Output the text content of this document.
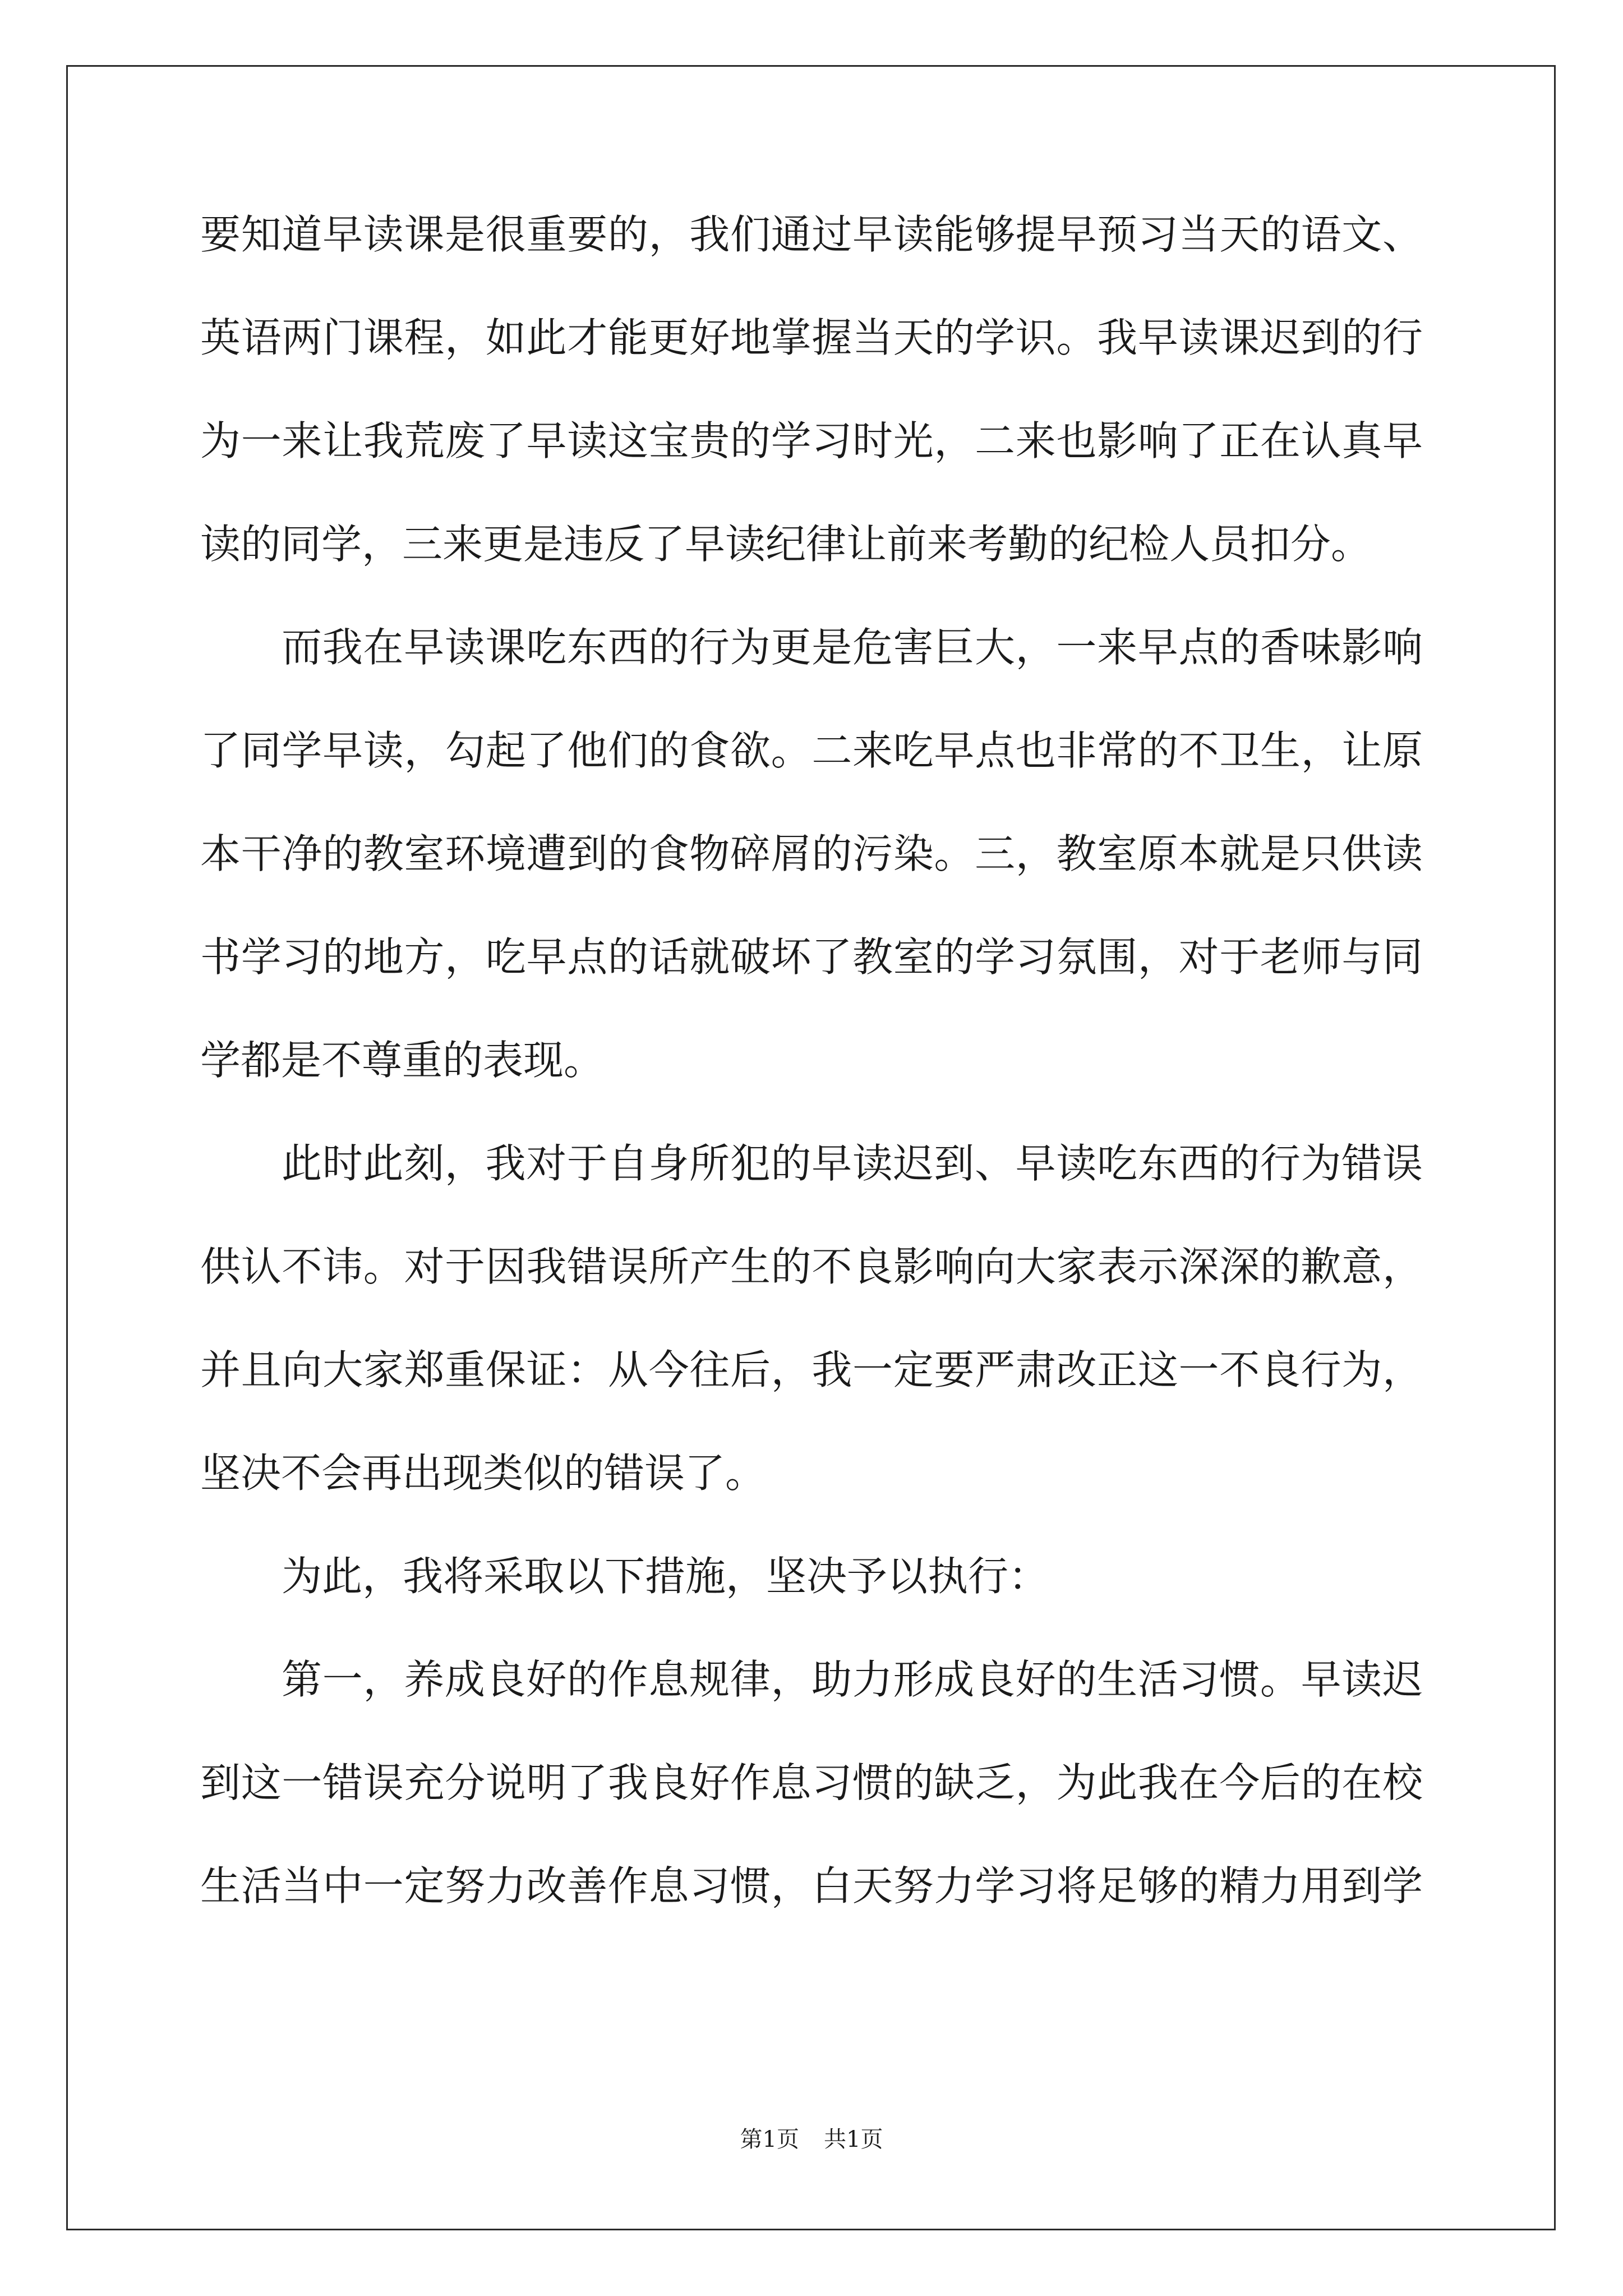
要知道早读课是很重要的，我们通过早读能够提早预习当天的语文、
英语两门课程，如此才能更好地掌握当天的学识。我早读课迟到的行
为一来让我荒废了早读这宝贵的学习时光，二来也影响了正在认真早
读的同学，三来更是违反了早读纪律让前来考勤的纪检人员扣分。
而我在早读课吃东西的行为更是危害巨大，一来早点的香味影响
了同学早读，勾起了他们的食欲。二来吃早点也非常的不卫生，让原
本干净的教室环境遭到的食物碎屑的污染。三，教室原本就是只供读
书学习的地方，吃早点的话就破坏了教室的学习氛围，对于老师与同
学都是不尊重的表现。
此时此刻，我对于自身所犯的早读迟到、早读吃东西的行为错误
供认不讳。对于因我错误所产生的不良影响向大家表示深深的歉意，
并且向大家郑重保证：从今往后，我一定要严肃改正这一不良行为，
坚决不会再出现类似的错误了。
为此，我将采取以下措施，坚决予以执行：
第一，养成良好的作息规律，助力形成良好的生活习惯。早读迟
到这一错误充分说明了我良好作息习惯的缺乏，为此我在今后的在校
生活当中一定努力改善作息习惯，白天努力学习将足够的精力用到学
第1页 共1页
